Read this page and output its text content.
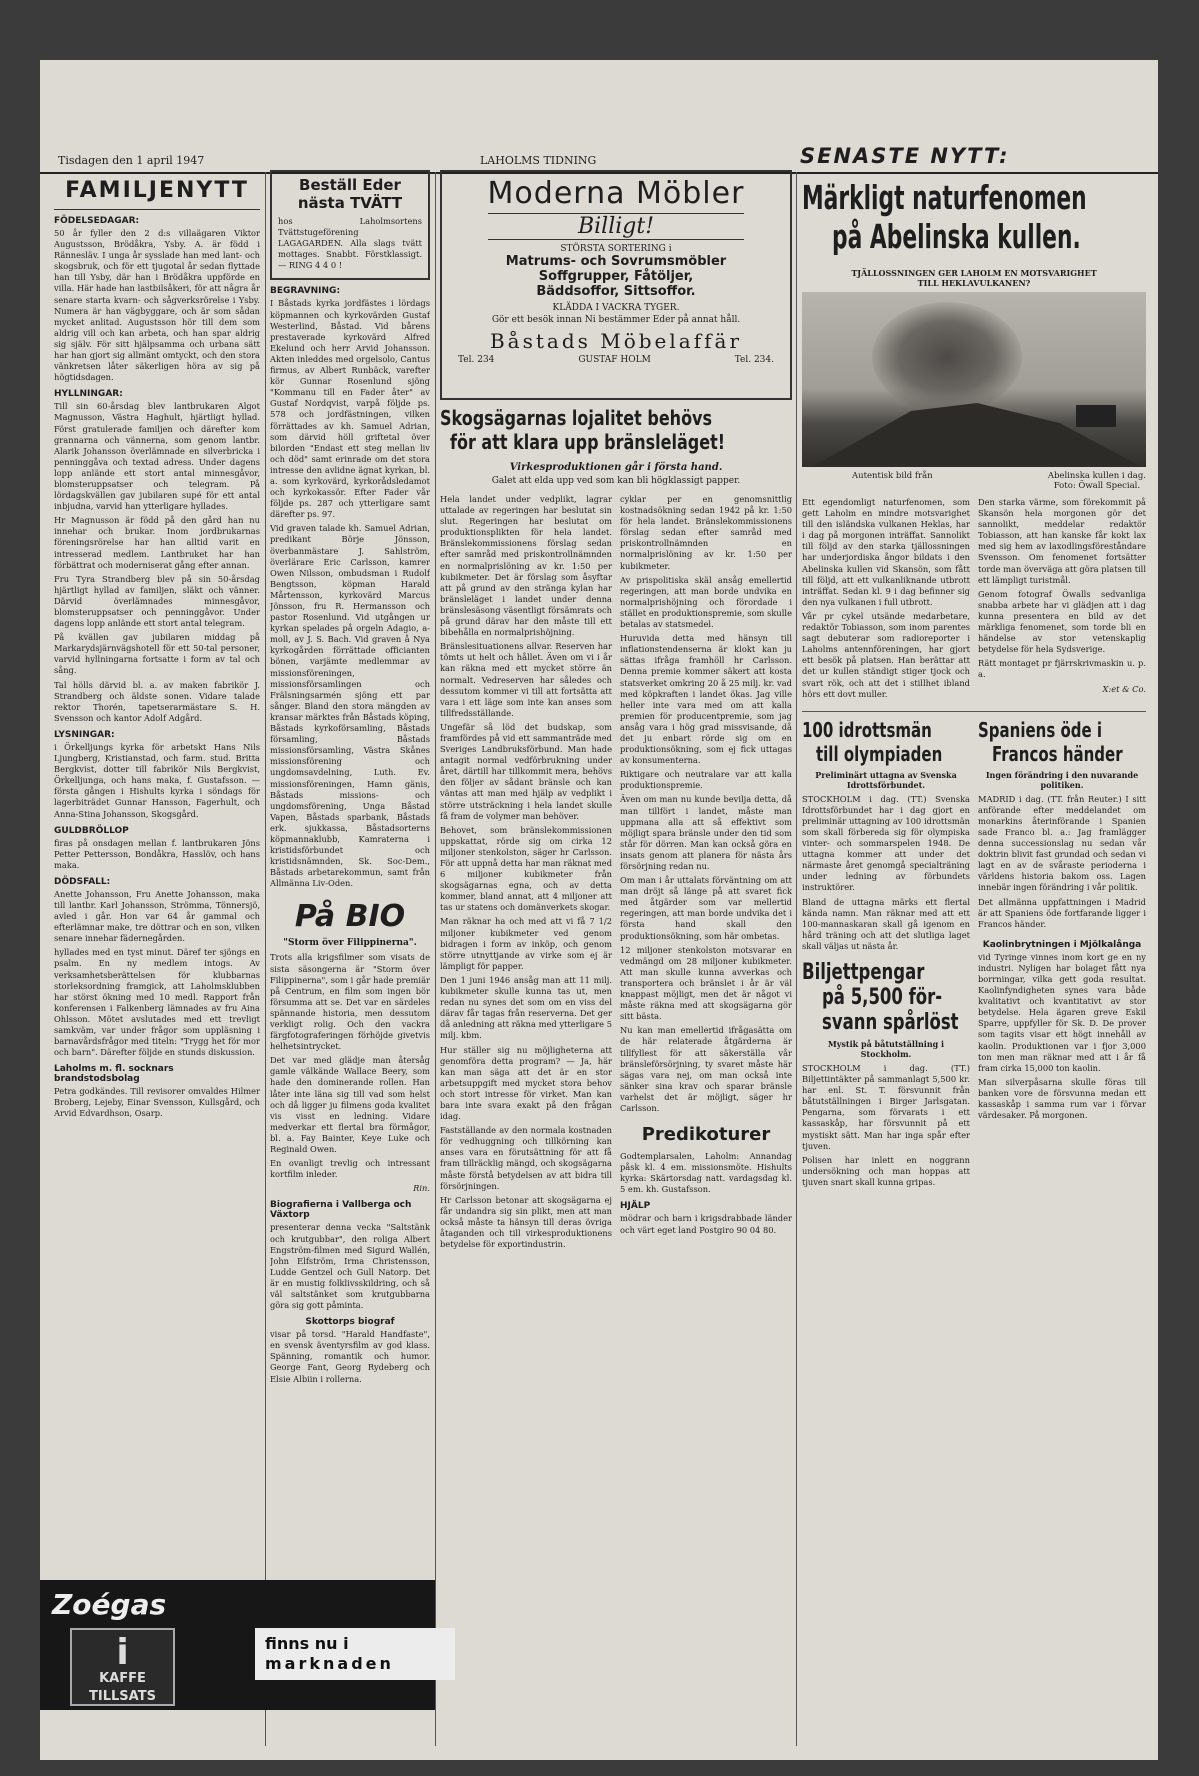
Tisdagen den 1 april 1947	LAHOLMS TIDNING	SENASTE NYTT:
FAMILJENYTT
FÖDELSEDAGAR:

50 år fyller den 2 d:s villaägaren Viktor Augustsson, Brödåkra, Ysby. A. är född i Rännesläv. I unga år sysslade han med lant- och skogsbruk, och för ett tjugotal år sedan flyttade han till Ysby, där han i Brödåkra uppförde en villa. Här hade han lastbilsåkeri, för att några år senare starta kvarn- och sågverksrörelse i Ysby. Numera är han vägbyggare, och är som sådan mycket anlitad. Augustsson hör till dem som aldrig vill och kan arbeta, och han spar aldrig sig själv. För sitt hjälpsamma och urbana sätt har han gjort sig allmänt omtyckt, och den stora vänkretsen låter säkerligen höra av sig på högtidsdagen.

HYLLNINGAR:

Till sin 60-årsdag blev lantbrukaren Algot Magnusson, Västra Haghult, hjärtligt hyllad. Först gratulerade familjen och därefter kom grannarna och vännerna, som genom lantbr. Alarik Johansson överlämnade en silverbricka i penninggåva och textad adress. Under dagens lopp anlände ett stort antal minnesgåvor, blomsteruppsatser och telegram. På lördagskvällen gav jubilaren supé för ett antal inbjudna, varvid han ytterligare hyllades.

Hr Magnusson är född på den gård han nu innehar och brukar. Inom jordbrukarnas föreningsrörelse har han alltid varit en intresserad medlem. Lantbruket har han förbättrat och moderniserat gång efter annan.

Fru Tyra Strandberg blev på sin 50-årsdag hjärtligt hyllad av familjen, släkt och vänner. Därvid överlämnades minnesgåvor, blomsteruppsatser och penninggåvor. Under dagens lopp anlände ett stort antal telegram.

På kvällen gav jubilaren middag på Markarydsjärnvägshotell för ett 50-tal personer, varvid hyllningarna fortsatte i form av tal och sång.

Tal hölls därvid bl. a. av maken fabrikör J. Strandberg och äldste sonen. Vidare talade rektor Thorén, tapetserarmästare S. H. Svensson och kantor Adolf Adgård.

LYSNINGAR:

i Örkelljungs kyrka för arbetskt Hans Nils Ljungberg, Kristianstad, och farm. stud. Britta Bergkvist, dotter till fabrikör Nils Bergkvist, Örkelljunga, och hans maka, f. Gustafsson. — första gången i Hishults kyrka i söndags för lagerbiträdet Gunnar Hansson, Fagerhult, och Anna-Stina Johansson, Skogsgård.

GULDBRÖLLOP

firas på onsdagen mellan f. lantbrukaren Jöns Petter Pettersson, Bondåkra, Hasslöv, och hans maka.

DÖDSFALL:

Anette Johansson, Fru Anette Johansson, maka till lantbr. Karl Johansson, Strömma, Tönnersjö, avled i går. Hon var 64 år gammal och efterlämnar make, tre döttrar och en son, vilken senare innehar fädernegården.

hyllades med en tyst minut. Däref ter sjöngs en psalm. En ny medlem intogs. Av verksamhetsberättelsen för klubbarnas storleksordning framgick, att Laholmsklubben har störst ökning med 10 medl. Rapport från konferensen i Falkenberg lämnades av fru Aina Ohlsson. Mötet avslutades med ett trevligt samkväm, var under frågor som uppläsning i barnavårdsfrågor med titeln: "Trygg het för mor och barn". Därefter följde en stunds diskussion.

Laholms m. fl. socknars brandstodsbolag

Petra godkändes. Till revisorer omvaldes Hilmer Broberg, Lejeby, Einar Svensson, Kullsgård, och Arvid Edvardhson, Osarp.

Zoégas
i
KAFFE TILLSATS
finns nu i
marknaden
Beställ Eder
nästa TVÄTT

hos Laholmsortens Tvättstugeförening LAGAGARDEN. Alla slags tvätt mottages. Snabbt. Förstklassigt. — RING 4 4 0 !

BEGRAVNING:

I Båstads kyrka jordfästes i lördags köpmannen och kyrkovärden Gustaf Westerlind, Båstad. Vid bårens prestaverade kyrkovärd Alfred Ekelund och herr Arvid Johansson. Akten inleddes med orgelsolo, Cantus firmus, av Albert Runbäck, varefter kör Gunnar Rosenlund sjöng "Kommanu till en Fader åter" av Gustaf Nordqvist, varpå följde ps. 578 och jordfästningen, vilken förrättades av kh. Samuel Adrian, som därvid höll griftetal över bilorden "Endast ett steg mellan liv och död" samt erinrade om det stora intresse den avlidne ägnat kyrkan, bl. a. som kyrkovärd, kyrkorådsledamot och kyrkokassör. Efter Fader vår följde ps. 287 och ytterligare samt därefter ps. 97.

Vid graven talade kh. Samuel Adrian, predikant Börje Jönsson, överbanmästare J. Sahlström, överlärare Eric Carlsson, kamrer Owen Nilsson, ombudsman i Rudolf Bengtsson, köpman Harald Mårtensson, kyrkovärd Marcus Jönsson, fru R. Hermansson och pastor Rosenlund. Vid utgången ur kyrkan spelades på orgeln Adagio, a-moll, av J. S. Bach. Vid graven å Nya kyrkogården förrättade officianten bönen, varjämte medlemmar av missionsföreningen, missionsförsamlingen och Frälsningsarmén sjöng ett par sånger. Bland den stora mängden av kransar märktes från Båstads köping, Båstads kyrkoförsamling, Båstads församling, Båstads missionsförsamling, Västra Skånes missionsförening och ungdomsavdelning, Luth. Ev. missionsföreningen, Hamn gänis, Båstads missions- och ungdomsförening, Unga Båstad Vapen, Båstads sparbank, Båstads erk. sjukkassa, Båstadsorterns köpmannaklubb, Kamraterna i kristidsförbundet och kristidsnämnden, Sk. Soc-Dem., Båstads arbetarekommun, samt från Allmänna Liv-Oden.

På BIO
"Storm över Filippinerna".

Trots alla krigsfilmer som visats de sista säsongerna är "Storm över Filippinerna", som i går hade premiär på Centrum, en film som ingen bör försumma att se. Det var en särdeles spännande historia, men dessutom verkligt rolig. Och den vackra färgfotograferingen förhöjde givetvis helhetsintrycket.

Det var med glädje man återsåg gamle välkände Wallace Beery, som hade den dominerande rollen. Han låter inte läna sig till vad som helst och då ligger ju filmens goda kvalitet vis visst en ledning. Vidare medverkar ett flertal bra förmågor, bl. a. Fay Bainter, Keye Luke och Reginald Owen.

En ovanligt trevlig och intressant kortfilm inleder.

Rin.

Biografierna i Vallberga och Växtorp

presenterar denna vecka "Saltstänk och krutgubbar", den roliga Albert Engström-filmen med Sigurd Wallén, John Elfström, Irma Christensson, Ludde Gentzel och Gull Natorp. Det är en mustig folklivsskildring, och så väl saltstänket som krutgubbarna göra sig gott påminta.

Skottorps biograf

visar på torsd. "Harald Handfaste", en svensk äventyrsfilm av god klass. Spänning, romantik och humor. George Fant, Georg Rydeberg och Elsie Albiin i rollerna.

Moderna Möbler
Billigt!
STÖRSTA SORTERING i
Matrums- och Sovrumsmöbler
Soffgrupper, Fåtöljer,
Bäddsoffor, Sittsoffor.
KLÄDDA I VACKRA TYGER.
Gör ett besök innan Ni bestämmer Eder på annat håll.
Båstads Möbelaffär
Tel. 234	GUSTAF HOLM	Tel. 234.
Skogsägarnas lojalitet behövs
för att klara upp bränsleläget!
Virkesproduktionen går i första hand.
Galet att elda upp ved som kan bli högklassigt papper.

Hela landet under vedplikt, lagrar uttalade av regeringen har beslutat sin slut. Regeringen har beslutat om produktionsplikten för hela landet. Bränslekommissionens förslag sedan efter samråd med priskontrollnämnden en normalprislöning av kr. 1:50 per kubikmeter. Det är förslag som åsyftar att på grund av den stränga kylan har bränsleläget i landet under denna bränslesäsong väsentligt försämrats och på grund därav har den måste till ett bibehålla en normalprishöjning.

Bränslesituationens allvar. Reserven har tömts ut helt och hållet. Även om vi i år kan räkna med ett mycket större än normalt. Vedreserven har således och dessutom kommer vi till att fortsätta att vara i ett läge som inte kan anses som tillfredsställande.

Ungefär så löd det budskap, som framfördes på vid ett sammanträde med Sveriges Landbruksförbund. Man hade antagit normal vedförbrukning under året, därtill har tillkommit mera, behövs den följer av sådant bränsle och kan väntas att man med hjälp av vedplikt i större utsträckning i hela landet skulle få fram de volymer man behöver.

Behovet, som bränslekommissionen uppskattat, rörde sig om cirka 12 miljoner stenkolston, säger hr Carlsson. För att uppnå detta har man räknat med 6 miljoner kubikmeter från skogsägarnas egna, och av detta kommer, bland annat, att 4 miljoner att tas ur statens och domänverkets skogar.

Man räknar ha och med att vi få 7 1/2 miljoner kubikmeter ved genom bidragen i form av inköp, och genom större utnyttjande av virke som ej är lämpligt för papper.

Den 1 juni 1946 ansåg man att 11 milj. kubikmeter skulle kunna tas ut, men redan nu synes det som om en viss del därav får tagas från reserverna. Det ger då anledning att räkna med ytterligare 5 milj. kbm.

Hur ställer sig nu möjligheterna att genomföra detta program? — Ja, här kan man säga att det är en stor arbetsuppgift med mycket stora behov och stort intresse för virket. Man kan bara inte svara exakt på den frågan idag.

Fastställande av den normala kostnaden för vedhuggning och tillkörning kan anses vara en förutsättning för att få fram tillräcklig mängd, och skogsägarna måste förstå betydelsen av att bidra till försörjningen.

Hr Carlsson betonar att skogsägarna ej får undandra sig sin plikt, men att man också måste ta hänsyn till deras övriga åtaganden och till virkesproduktionens betydelse för exportindustrin.

cyklar per en genomsnittlig kostnadsökning sedan 1942 på kr. 1:50 för hela landet. Bränslekommissionens förslag sedan efter samråd med priskontrollnämnden en normalprislöning av kr. 1:50 per kubikmeter.

Av prispolitiska skäl ansåg emellertid regeringen, att man borde undvika en normalprishöjning och förordade i stället en produktionspremie, som skulle betalas av statsmedel.

Huruvida detta med hänsyn till inflationstendenserna är klokt kan ju sättas ifråga framhöll hr Carlsson. Denna premie kommer säkert att kosta statsverket omkring 20 å 25 milj. kr. vad med köpkraften i landet ökas. Jag ville heller inte vara med om att kalla premien för producentpremie, som jag ansåg vara i hög grad missvisande, då det ju enbart rörde sig om en produktionsökning, som ej fick uttagas av konsumenterna.

Riktigare och neutralare var att kalla produktionspremie.

Även om man nu kunde bevilja detta, då man tillfört i landet, måste man uppmana alla att så effektivt som möjligt spara bränsle under den tid som står för dörren. Man kan också göra en insats genom att planera för nästa års försörjning redan nu.

Om man i år uttalats förväntning om att man dröjt så länge på att svaret fick med åtgärder som var mellertid regeringen, att man borde undvika det i första hand skall den produktionsökning, som här ombetas.

12 miljoner stenkolston motsvarar en vedmängd om 28 miljoner kubikmeter. Att man skulle kunna avverkas och transportera och bränslet i år är väl knappast möjligt, men det är något vi måste räkna med att skogsägarna gör sitt bästa.

Nu kan man emellertid ifrågasätta om de här relaterade åtgärderna är tillfyllest för att säkerställa vår bränsleförsörjning, ty svaret måste här sägas vara nej, om man också inte sänker sina krav och sparar bränsle varhelst det är möjligt, säger hr Carlsson.

Predikoturer

Godtemplarsalen, Laholm: Annandag påsk kl. 4 em. missionsmöte. Hishults kyrka: Skärtorsdag natt. vardagsdag kl. 5 em. kh. Gustafsson.

HJÄLP

mödrar och barn i krigsdrabbade länder och värt eget land Postgiro 90 04 80.

Märkligt naturfenomen
på Abelinska kullen.
TJÄLLOSSNINGEN GER LAHOLM EN MOTSVARIGHET
TILL HEKLAVULKANEN?
Autentisk bild från	Abelinska kullen i dag.
Foto: Öwall Special.

Ett egendomligt naturfenomen, som gett Laholm en mindre motsvarighet till den isländska vulkanen Heklas, har i dag på morgonen inträffat. Sannolikt till följd av den starka tjällossningen har underjordiska ångor bildats i den Abelinska kullen vid Skansön, som fått till följd, att ett vulkanliknande utbrott inträffat. Sedan kl. 9 i dag befinner sig den nya vulkanen i full utbrott.

Vår pr cykel utsände medarbetare, redaktör Tobiasson, som inom parentes sagt debuterar som radioreporter i Laholms antennföreningen, har gjort ett besök på platsen. Han berättar att det ur kullen ständigt stiger tjock och svart rök, och att det i stillhet ibland hörs ett dovt muller.

Den starka värme, som förekommit på Skansön hela morgonen gör det sannolikt, meddelar redaktör Tobiasson, att han kanske får kokt lax med sig hem av laxodlingsföreståndare Svensson. Om fenomenet fortsätter torde man överväga att göra platsen till ett lämpligt turistmål.

Genom fotograf Öwalls sedvanliga snabba arbete har vi glädjen att i dag kunna presentera en bild av det märkliga fenomenet, som torde bli en händelse av stor vetenskaplig betydelse för hela Sydsverige.

Rätt montaget pr fjärrskrivmaskin u. p. a.

X:et & Co.

100 idrottsmän
till olympiaden
Preliminärt uttagna av Svenska Idrottsförbundet.

STOCKHOLM i dag. (TT.) Svenska Idrottsförbundet har i dag gjort en preliminär uttagning av 100 idrottsmän som skall förbereda sig för olympiska vinter- och sommarspelen 1948. De uttagna kommer att under det närmaste året genomgå specialträning under ledning av förbundets instruktörer.

Bland de uttagna märks ett flertal kända namn. Man räknar med att ett 100-mannaskaran skall gå igenom en hård träning och att det slutliga laget skall väljas ut nästa år.

Biljettpengar
på 5,500 för-
svann spårlöst
Mystik på båtutställning i Stockholm.

STOCKHOLM i dag. (TT.) Biljettintäkter på sammanlagt 5,500 kr. har enl. St. T. försvunnit från båtutställningen i Birger Jarlsgatan. Pengarna, som förvarats i ett kassaskåp, har försvunnit på ett mystiskt sätt. Man har inga spår efter tjuven.

Polisen har inlett en noggrann undersökning och man hoppas att tjuven snart skall kunna gripas.

Spaniens öde i
Francos händer
Ingen förändring i den nuvarande politiken.

MADRID i dag. (TT. från Reuter.) I sitt anförande efter meddelandet om monarkins återinförande i Spanien sade Franco bl. a.: Jag framlägger denna successionslag nu sedan vår doktrin blivit fast grundad och sedan vi lagt en av de svåraste perioderna i världens historia bakom oss. Lagen innebär ingen förändring i vår politik.

Det allmänna uppfattningen i Madrid är att Spaniens öde fortfarande ligger i Francos händer.

Kaolinbrytningen i Mjölkalånga

vid Tyringe vinnes inom kort ge en ny industri. Nyligen har bolaget fått nya borrningar, vilka gett goda resultat. Kaolinfyndigheten synes vara både kvalitativt och kvantitativt av stor betydelse. Hela ägaren greve Eskil Sparre, uppfyller för Sk. D. De prover som tagits visar ett högt innehåll av kaolin. Produktionen var i fjor 3,000 ton men man räknar med att i år få fram cirka 15,000 ton kaolin.

Man silverpåsarna skulle föras till banken vore de försvunna medan ett kassaskåp i samma rum var i förvar värdesaker. På morgonen.
